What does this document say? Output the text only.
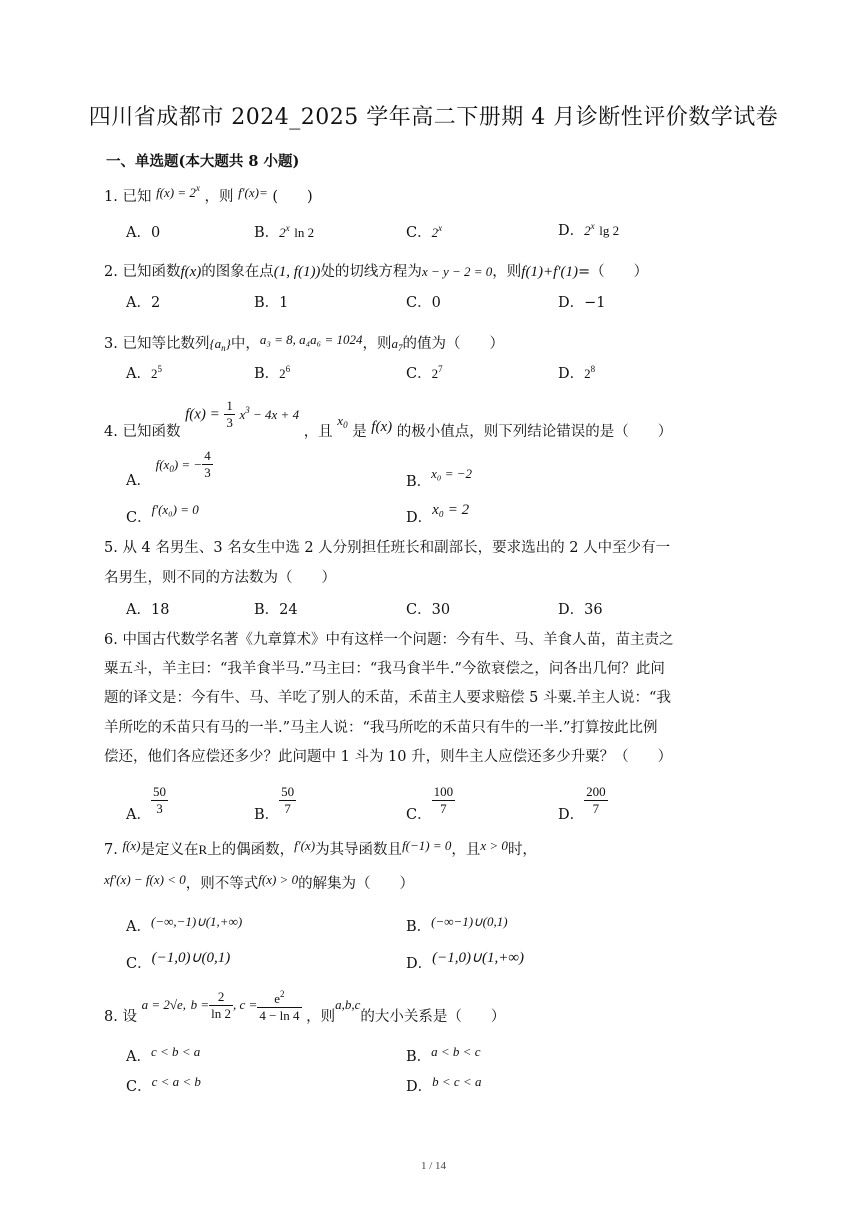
四川省成都市 2024_2025 学年高二下册期 4 月诊断性评价数学试卷
一、单选题(本大题共 8 小题)
1. 已知 $f(x) = 2^x$ ，则 f′(x)= (　　)
A．0	B．2$^x$ ln 2	C．2$^x$	D．2$^x$ lg 2
2. 已知函数f(x)的图象在点(1, f(1))处的切线方程为x − y − 2 = 0，则f(1)+f′(1)=（　　）
A．2	B．1	C．0	D．−1
3. 已知等比数列$\{a_n\}$中，a₃ = 8, a₄a₆ = 1024，则$a_7$的值为（　　）
A．$2^5$	B．$2^6$	C．$2^7$	D．$2^8$
4. 已知函数 $f(x) = \frac{1}{3} x^3 - 4x + 4$ ，且 $x_0$ 是 f(x) 的极小值点，则下列结论错误的是（　　）
A． $f(x_0)$ = − $\frac{4}{3}$
B．x₀ = −2
C．f′(x₀) = 0
D．x₀ = 2
5. 从 4 名男生、3 名女生中选 2 人分别担任班长和副部长，要求选出的 2 人中至少有一
名男生，则不同的方法数为（　　）
A．18	B．24	C．30	D．36
6. 中国古代数学名著《九章算术》中有这样一个问题：今有牛、马、羊食人苗，苗主责之
粟五斗，羊主曰：“我羊食半马.”马主曰：“我马食半牛.”今欲衰偿之，问各出几何？此问
题的译文是：今有牛、马、羊吃了别人的禾苗，禾苗主人要求赔偿 5 斗粟.羊主人说：“我
羊所吃的禾苗只有马的一半.”马主人说：“我马所吃的禾苗只有牛的一半.”打算按此比例
偿还，他们各应偿还多少？此问题中 1 斗为 10 升，则牛主人应偿还多少升粟？（　　）
A． $\frac{50}{3}$	B． $\frac{50}{7}$	C． $\frac{100}{7}$	D． $\frac{200}{7}$
7. f(x)是定义在R上的偶函数，f′(x)为其导函数且f(−1) = 0，且x > 0时，
xf′(x) − f(x) < 0，则不等式f(x) > 0的解集为（　　）
A．(−∞,−1)∪(1,+∞)	B．(−∞−1)∪(0,1)
C．(−1,0)∪(0,1)	D．(−1,0)∪(1,+∞)
8. 设 a = 2√e, $b = \frac{2}{\ln 2}$ , $c = \frac{e^2}{4 - \ln 4}$ ，则a,b,c的大小关系是（　　）
A．c < b < a	B．a < b < c
C．c < a < b	D．b < c < a
1 / 14
